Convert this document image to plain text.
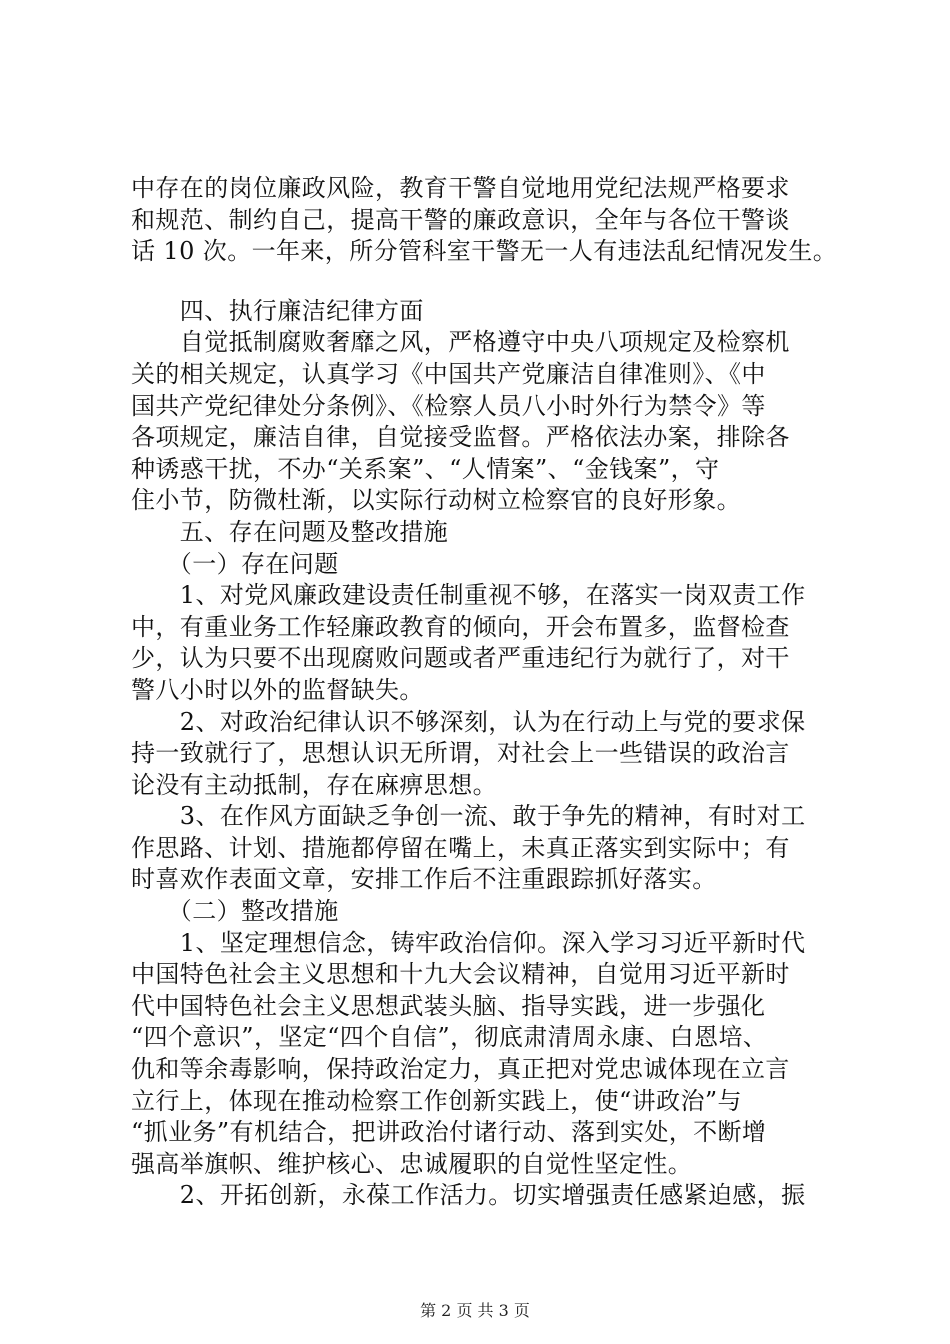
中存在的岗位廉政风险，教育干警自觉地用党纪法规严格要求
和规范、制约自己，提高干警的廉政意识，全年与各位干警谈
话 10 次。一年来，所分管科室干警无一人有违法乱纪情况发生。
　　四、执行廉洁纪律方面
　　自觉抵制腐败奢靡之风，严格遵守中央八项规定及检察机
关的相关规定，认真学习《中国共产党廉洁自律准则》、《中
国共产党纪律处分条例》、《检察人员八小时外行为禁令》等
各项规定，廉洁自律，自觉接受监督。严格依法办案，排除各
种诱惑干扰，不办“关系案”、“人情案”、“金钱案”，守
住小节，防微杜渐，以实际行动树立检察官的良好形象。
　　五、存在问题及整改措施
　　（一）存在问题
　　1、对党风廉政建设责任制重视不够，在落实一岗双责工作
中，有重业务工作轻廉政教育的倾向，开会布置多，监督检查
少，认为只要不出现腐败问题或者严重违纪行为就行了，对干
警八小时以外的监督缺失。
　　2、对政治纪律认识不够深刻，认为在行动上与党的要求保
持一致就行了，思想认识无所谓，对社会上一些错误的政治言
论没有主动抵制，存在麻痹思想。
　　3、在作风方面缺乏争创一流、敢于争先的精神，有时对工
作思路、计划、措施都停留在嘴上，未真正落实到实际中；有
时喜欢作表面文章，安排工作后不注重跟踪抓好落实。
　　（二）整改措施
　　1、坚定理想信念，铸牢政治信仰。深入学习习近平新时代
中国特色社会主义思想和十九大会议精神，自觉用习近平新时
代中国特色社会主义思想武装头脑、指导实践，进一步强化
“四个意识”，坚定“四个自信”，彻底肃清周永康、白恩培、
仇和等余毒影响，保持政治定力，真正把对党忠诚体现在立言
立行上，体现在推动检察工作创新实践上，使“讲政治”与
“抓业务”有机结合，把讲政治付诸行动、落到实处，不断增
强高举旗帜、维护核心、忠诚履职的自觉性坚定性。
　　2、开拓创新，永葆工作活力。切实增强责任感紧迫感，振
第 2 页 共 3 页
